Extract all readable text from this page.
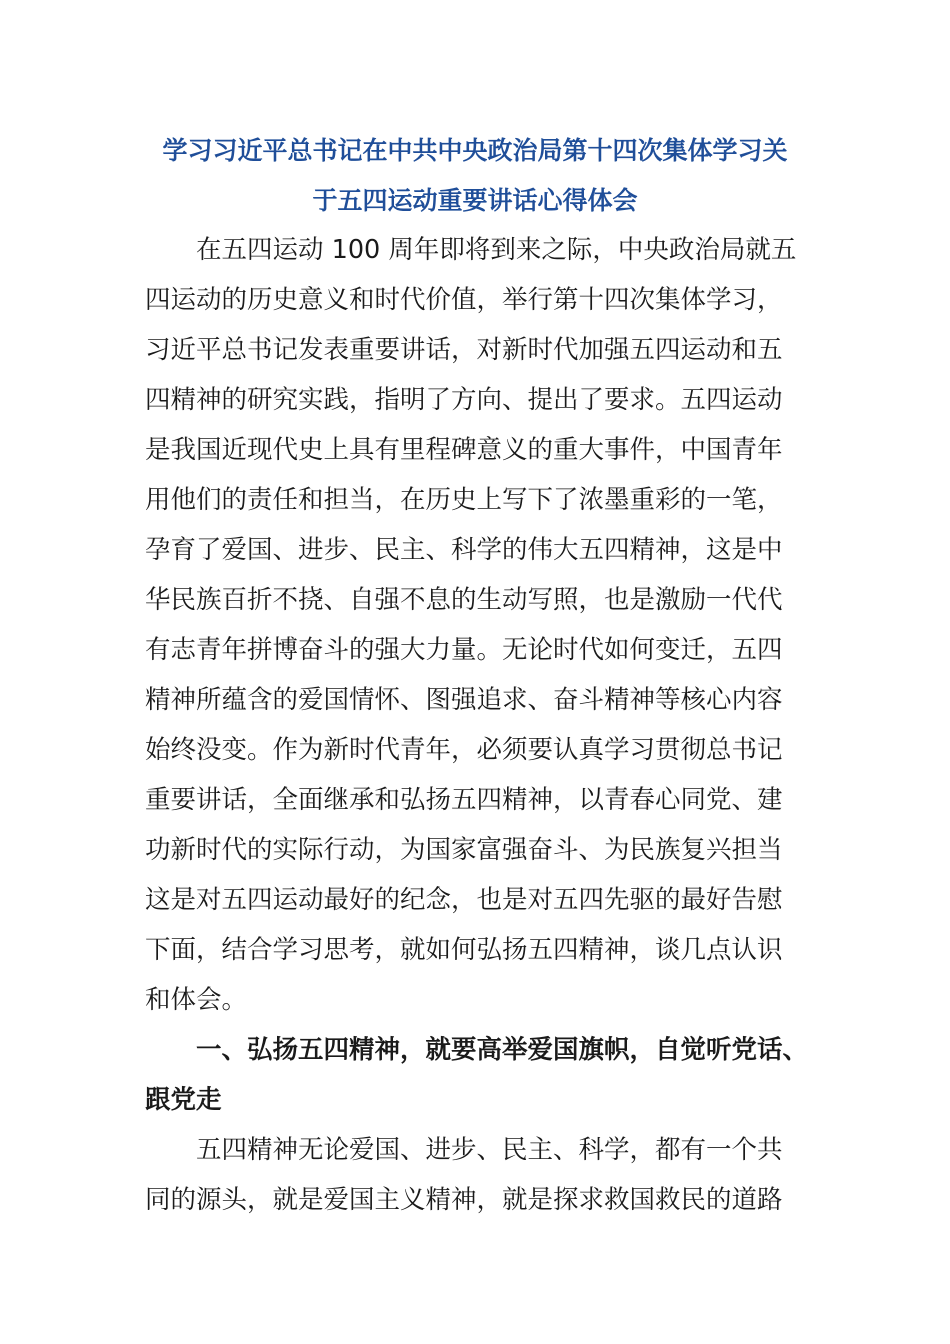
学习习近平总书记在中共中央政治局第十四次集体学习关
于五四运动重要讲话心得体会
　　在五四运动 100 周年即将到来之际，中央政治局就五
四运动的历史意义和时代价值，举行第十四次集体学习，
习近平总书记发表重要讲话，对新时代加强五四运动和五
四精神的研究实践，指明了方向、提出了要求。五四运动
是我国近现代史上具有里程碑意义的重大事件，中国青年
用他们的责任和担当，在历史上写下了浓墨重彩的一笔，
孕育了爱国、进步、民主、科学的伟大五四精神，这是中
华民族百折不挠、自强不息的生动写照，也是激励一代代
有志青年拼博奋斗的强大力量。无论时代如何变迁，五四
精神所蕴含的爱国情怀、图强追求、奋斗精神等核心内容
始终没变。作为新时代青年，必须要认真学习贯彻总书记
重要讲话，全面继承和弘扬五四精神，以青春心同党、建
功新时代的实际行动，为国家富强奋斗、为民族复兴担当
这是对五四运动最好的纪念，也是对五四先驱的最好告慰
下面，结合学习思考，就如何弘扬五四精神，谈几点认识
和体会。
　　一、弘扬五四精神，就要高举爱国旗帜，自觉听党话、
跟党走
　　五四精神无论爱国、进步、民主、科学，都有一个共
同的源头，就是爱国主义精神，就是探求救国救民的道路
